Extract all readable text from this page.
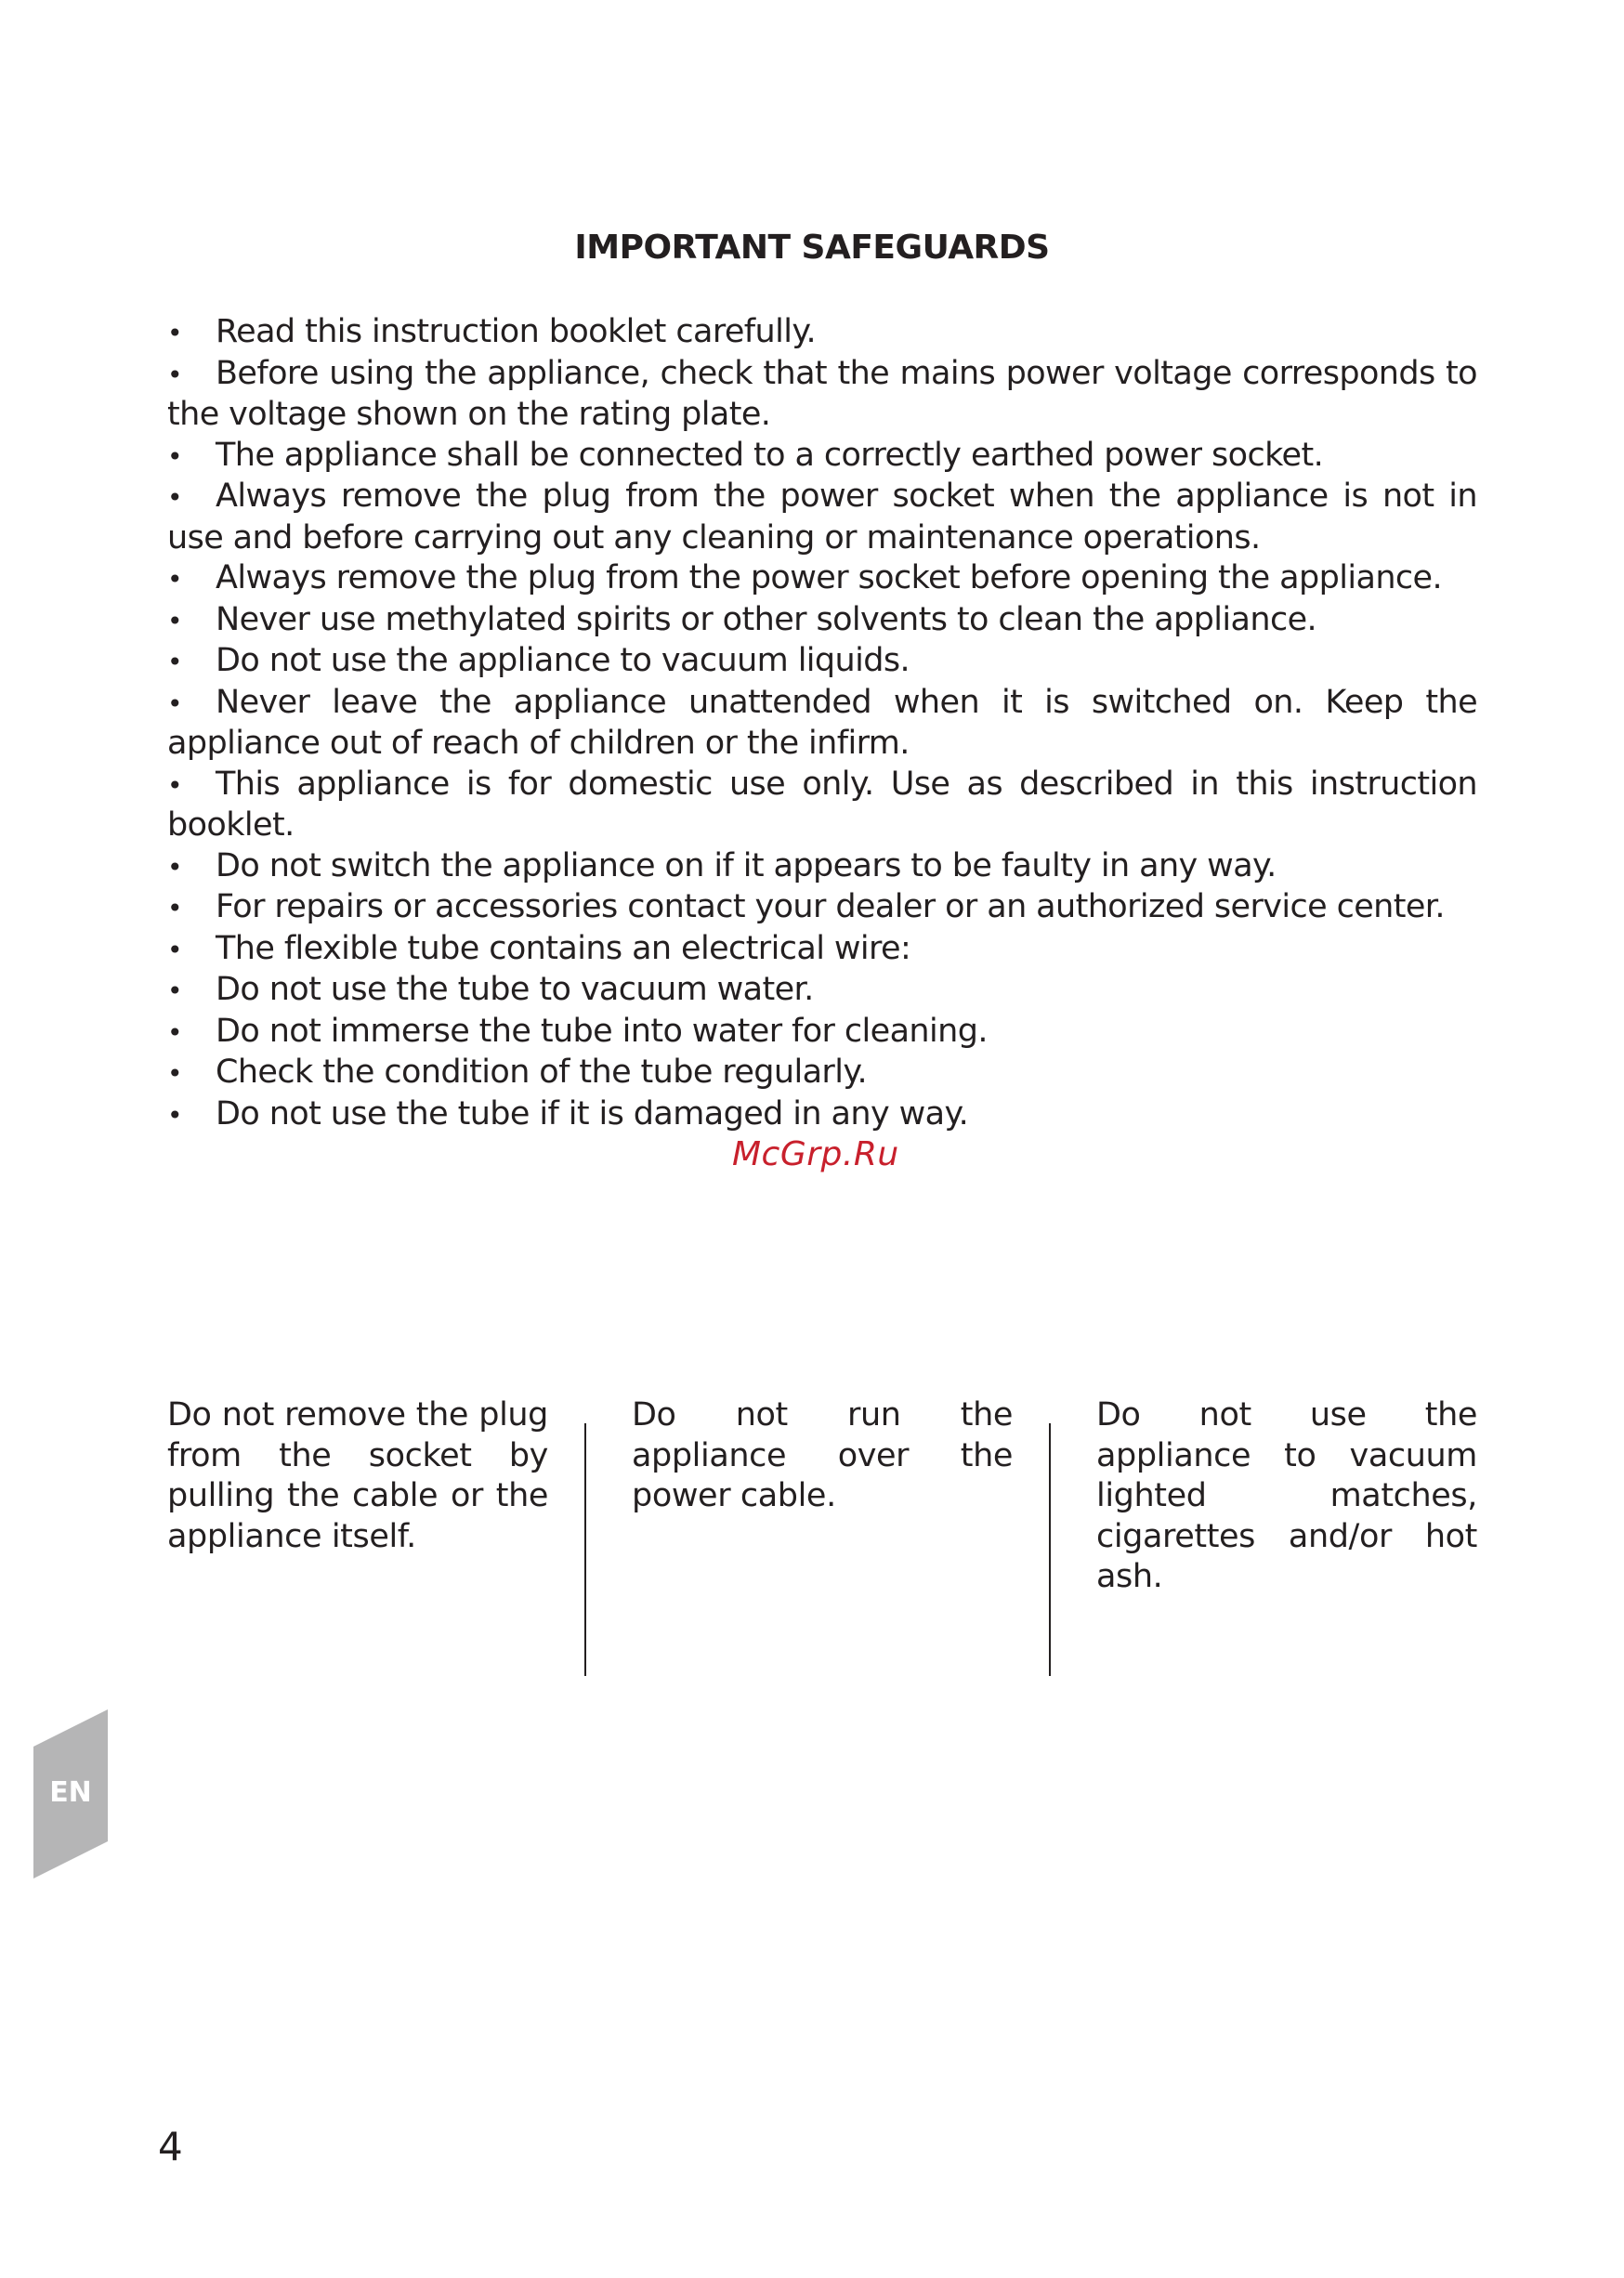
IMPORTANT SAFEGUARDS
• Read this instruction booklet carefully.
• Before using the appliance, check that the mains power voltage corresponds to the voltage shown on the rating plate.
• The appliance shall be connected to a correctly earthed power socket.
• Always remove the plug from the power socket when the appliance is not in use and before carrying out any cleaning or maintenance operations.
• Always remove the plug from the power socket before opening the appliance.
• Never use methylated spirits or other solvents to clean the appliance.
• Do not use the appliance to vacuum liquids.
• Never leave the appliance unattended when it is switched on. Keep the appliance out of reach of children or the infirm.
• This appliance is for domestic use only. Use as described in this instruction booklet.
• Do not switch the appliance on if it appears to be faulty in any way.
• For repairs or accessories contact your dealer or an authorized service center.
• The flexible tube contains an electrical wire:
• Do not use the tube to vacuum water.
• Do not immerse the tube into water for cleaning.
• Check the condition of the tube regularly.
• Do not use the tube if it is damaged in any way.
McGrp.Ru
Do not remove the plug from the socket by pulling the cable or the appliance itself.
Do not run the appliance over the power cable.
Do not use the appliance to vacuum lighted matches, cigarettes and/or hot ash.
EN
4
